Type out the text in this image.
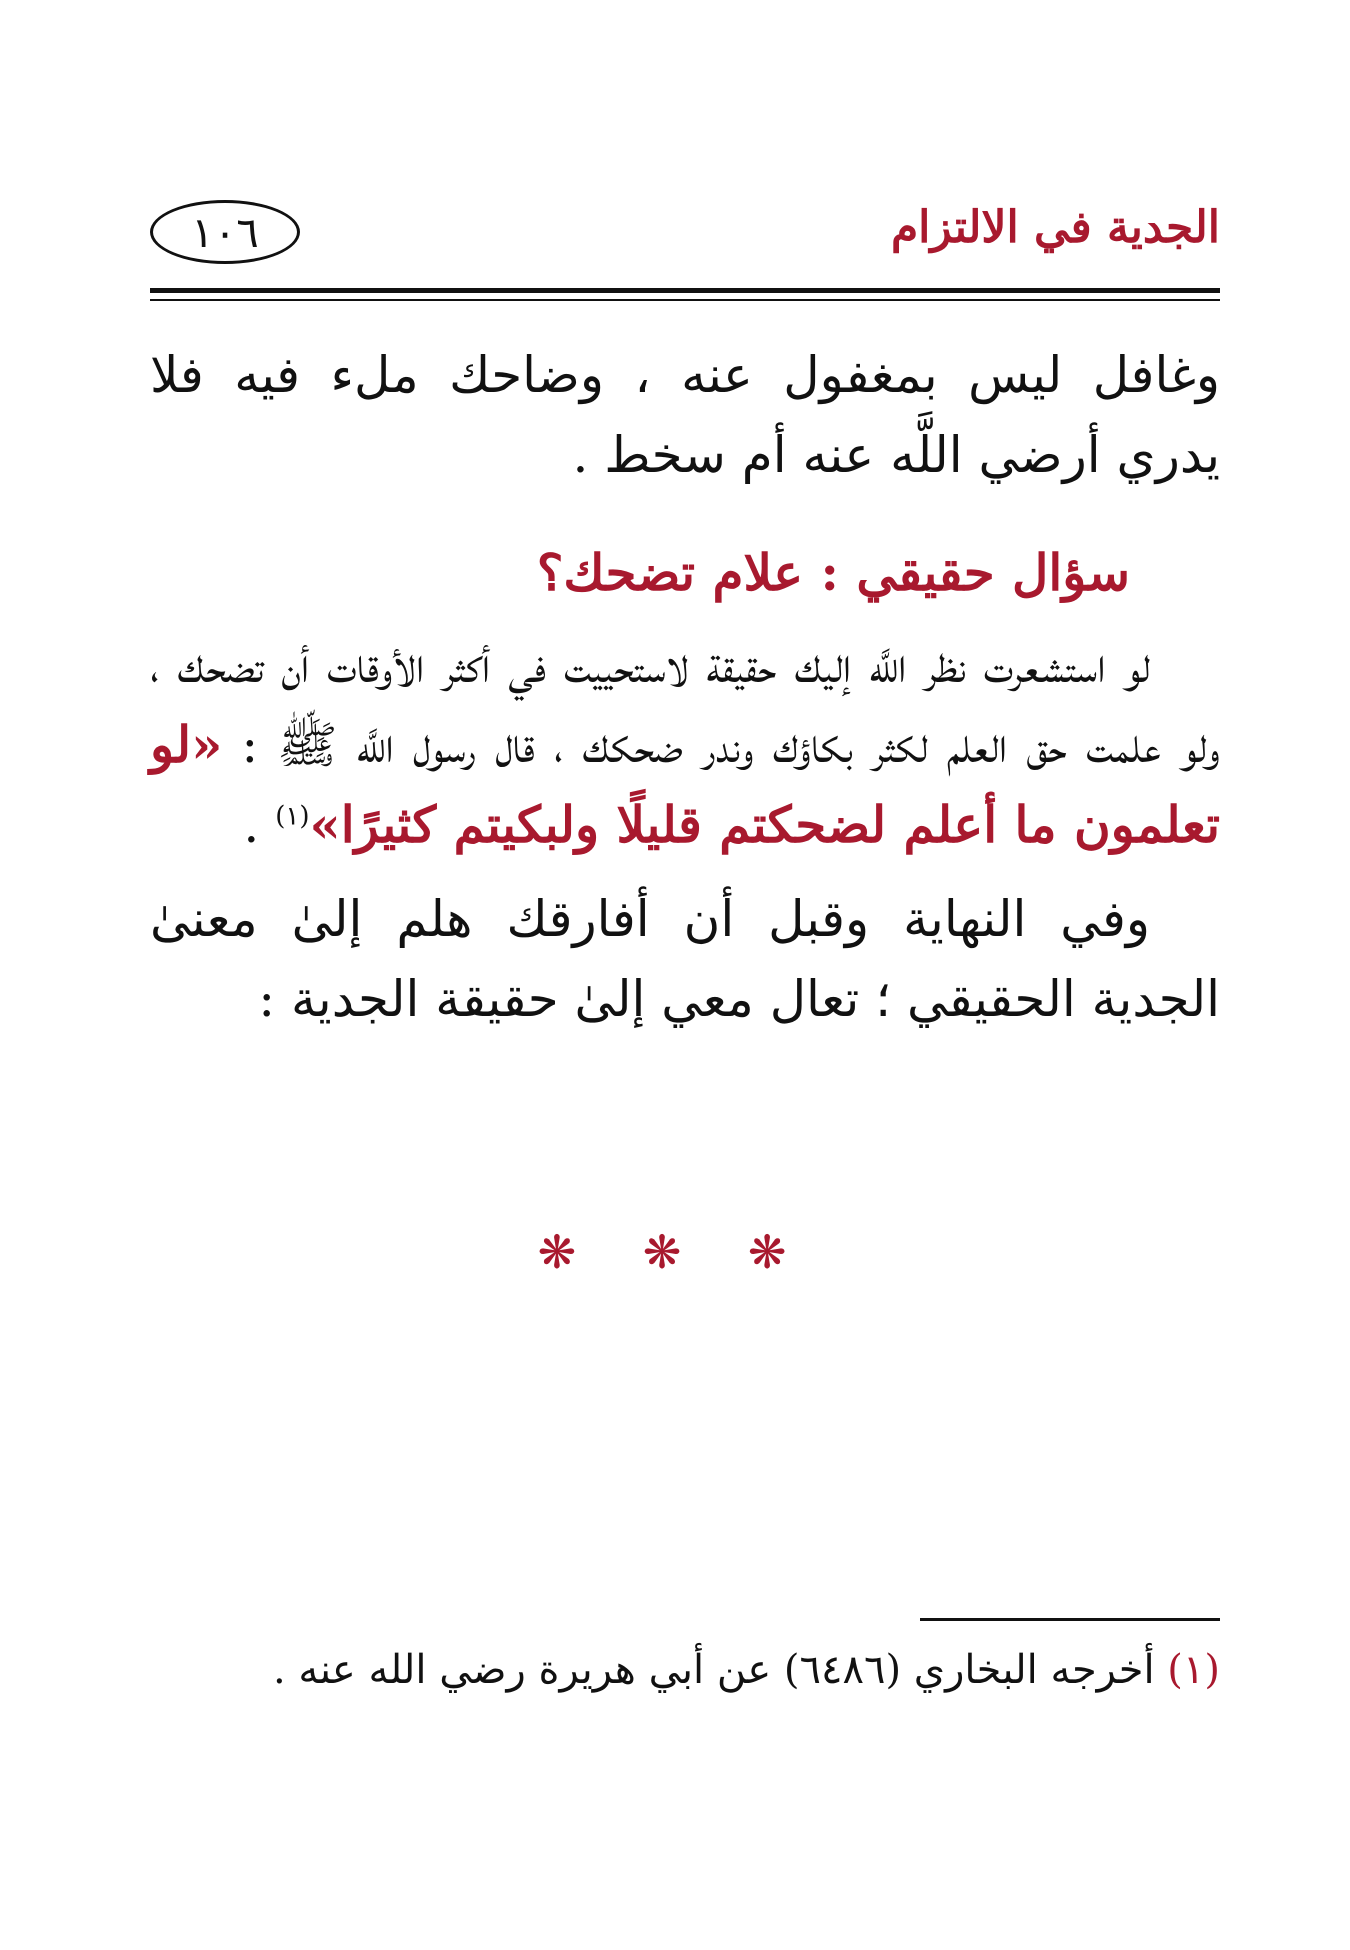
الجدية في الالتزام
١٠٦

وغافل ليس بمغفول عنه ، وضاحك ملء فيه فلا يدري أرضي اللَّه عنه أم سخط .

سؤال حقيقي : علام تضحك؟

لو استشعرت نظر اللَّه إليك حقيقة لاستحييت في أكثر الأوقات أن تضحك ، ولو علمت حق العلم لكثر بكاؤك وندر ضحكك ، قال رسول اللَّه ﷺ : «لو تعلمون ما أعلم لضحكتم قليلًا ولبكيتم كثيرًا»$^{(١)}$ .

وفي النهاية وقبل أن أفارقك هلم إلىٰ معنىٰ الجدية الحقيقي ؛ تعال معي إلىٰ حقيقة الجدية :

❋ ❋ ❋
(١) أخرجه البخاري (٦٤٨٦) عن أبي هريرة رضي الله عنه .
